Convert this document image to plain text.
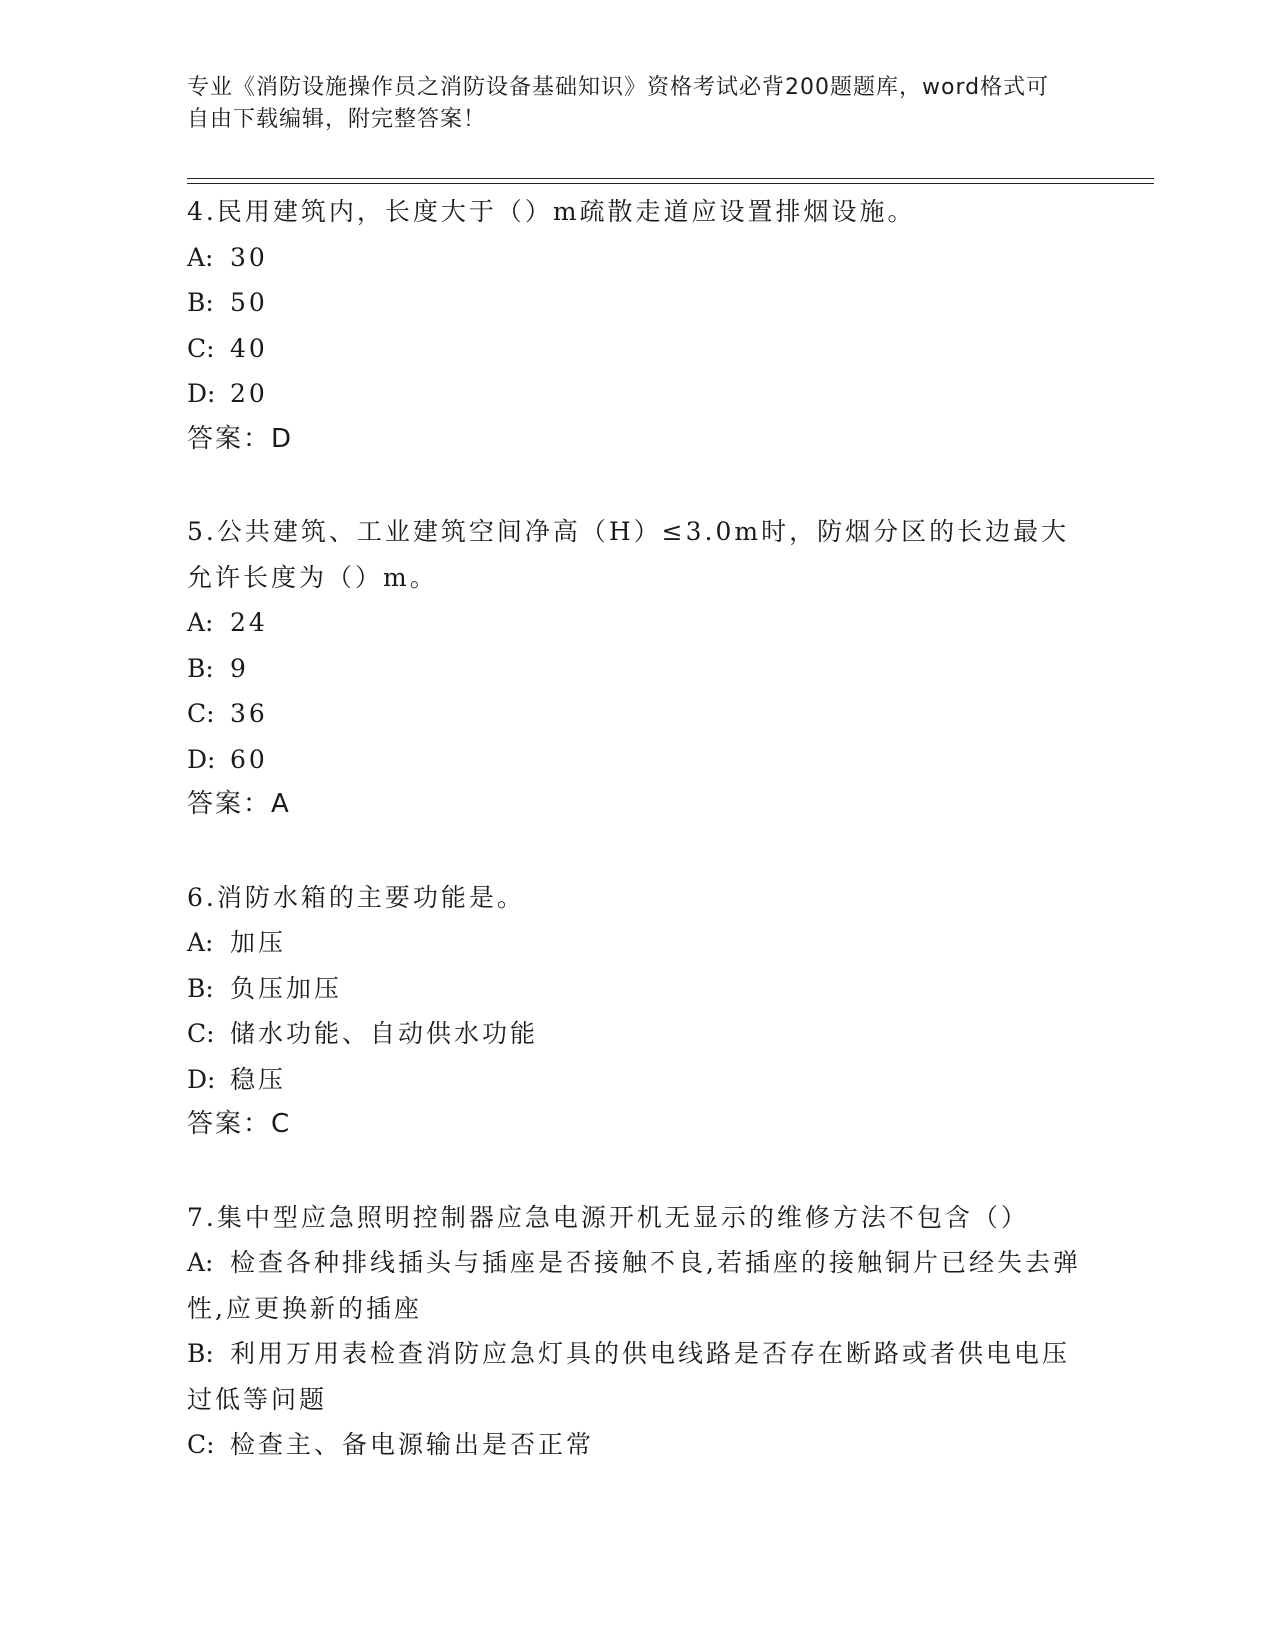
专业《消防设施操作员之消防设备基础知识》资格考试必背200题题库，word格式可自由下载编辑，附完整答案！
4.民用建筑内，长度大于（）m疏散走道应设置排烟设施。
A: 30
B: 50
C: 40
D: 20
答案：D
5.公共建筑、工业建筑空间净高（H）≤3.0m时，防烟分区的长边最大允许长度为（）m。
A: 24
B: 9
C: 36
D: 60
答案：A
6.消防水箱的主要功能是。
A: 加压
B: 负压加压
C: 储水功能、自动供水功能
D: 稳压
答案：C
7.集中型应急照明控制器应急电源开机无显示的维修方法不包含（）
A: 检查各种排线插头与插座是否接触不良,若插座的接触铜片已经失去弹性,应更换新的插座
B: 利用万用表检查消防应急灯具的供电线路是否存在断路或者供电电压过低等问题
C: 检查主、备电源输出是否正常
